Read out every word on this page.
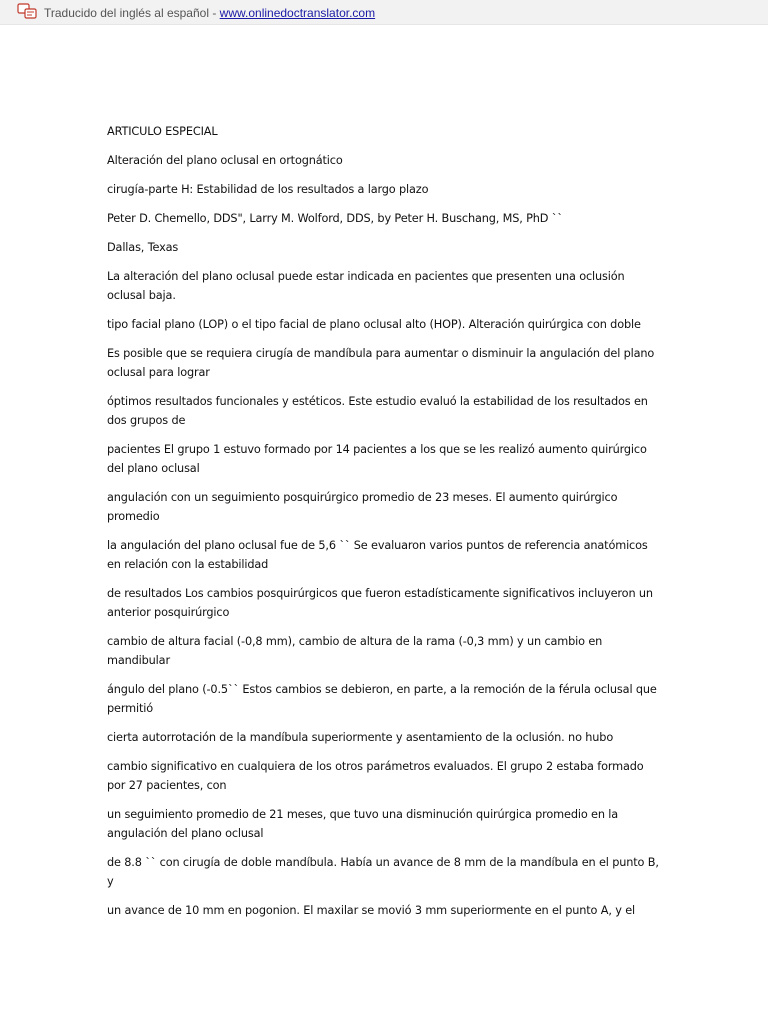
Traducido del inglés al español - www.onlinedoctranslator.com

ARTICULO ESPECIAL

Alteración del plano oclusal en ortognático

cirugía-parte H: Estabilidad de los resultados a largo plazo

Peter D. Chemello, DDS", Larry M. Wolford, DDS, by Peter H. Buschang, MS, PhD ``

Dallas, Texas

La alteración del plano oclusal puede estar indicada en pacientes que presenten una oclusión oclusal baja.

tipo facial plano (LOP) o el tipo facial de plano oclusal alto (HOP). Alteración quirúrgica con doble

Es posible que se requiera cirugía de mandíbula para aumentar o disminuir la angulación del plano oclusal para lograr

óptimos resultados funcionales y estéticos. Este estudio evaluó la estabilidad de los resultados en dos grupos de

pacientes El grupo 1 estuvo formado por 14 pacientes a los que se les realizó aumento quirúrgico del plano oclusal

angulación con un seguimiento posquirúrgico promedio de 23 meses. El aumento quirúrgico promedio

la angulación del plano oclusal fue de 5,6 `` Se evaluaron varios puntos de referencia anatómicos en relación con la estabilidad

de resultados Los cambios posquirúrgicos que fueron estadísticamente significativos incluyeron un anterior posquirúrgico

cambio de altura facial (-0,8 mm), cambio de altura de la rama (-0,3 mm) y un cambio en mandibular

ángulo del plano (-0.5`` Estos cambios se debieron, en parte, a la remoción de la férula oclusal que permitió

cierta autorrotación de la mandíbula superiormente y asentamiento de la oclusión. no hubo

cambio significativo en cualquiera de los otros parámetros evaluados. El grupo 2 estaba formado por 27 pacientes, con

un seguimiento promedio de 21 meses, que tuvo una disminución quirúrgica promedio en la angulación del plano oclusal

de 8.8 `` con cirugía de doble mandíbula. Había un avance de 8 mm de la mandíbula en el punto B, y

un avance de 10 mm en pogonion. El maxilar se movió 3 mm superiormente en el punto A, y el
